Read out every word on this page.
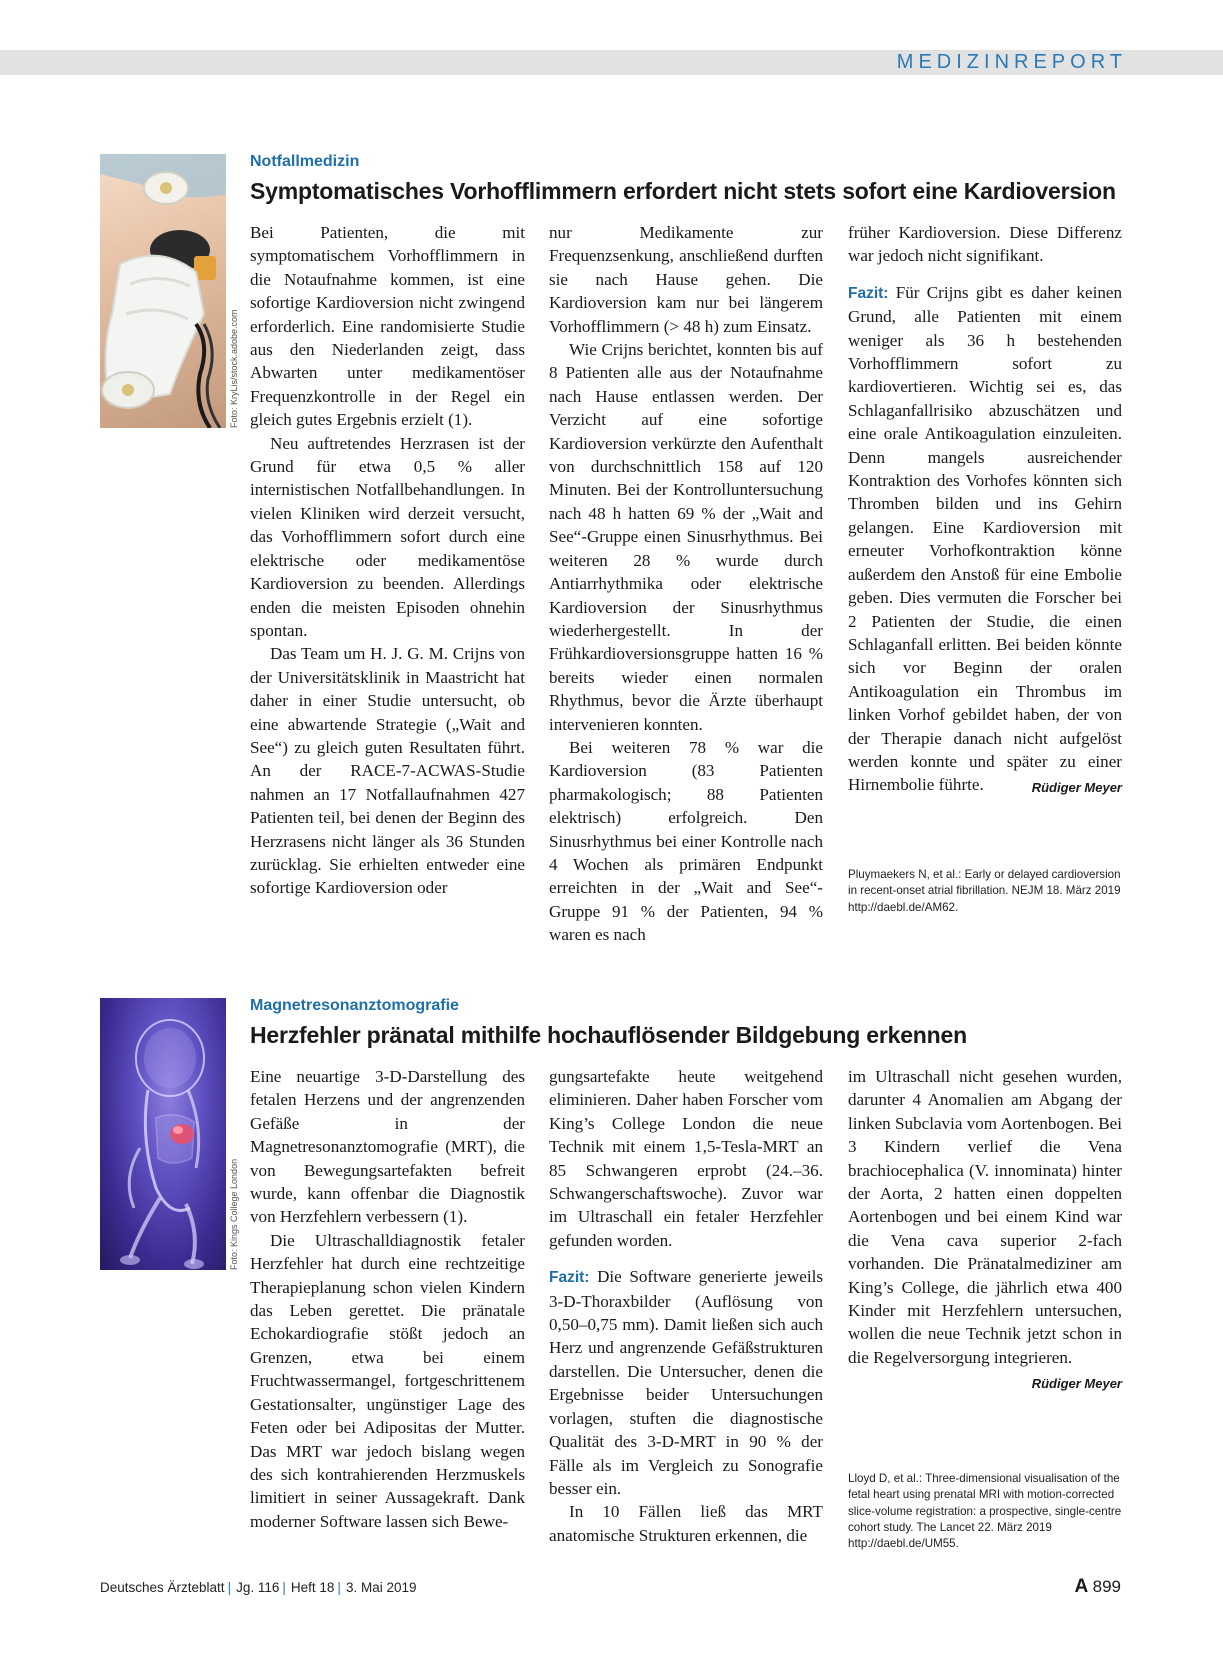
MEDIZINREPORT
Foto: KryLis/stock.adobe.com
Notfallmedizin
Symptomatisches Vorhofflimmern erfordert nicht stets sofort eine Kardioversion

Bei Patienten, die mit symptomatischem Vorhofflimmern in die Notaufnahme kommen, ist eine sofortige Kardioversion nicht zwingend erforderlich. Eine randomisierte Studie aus den Niederlanden zeigt, dass Abwarten unter medikamentöser Frequenzkontrolle in der Regel ein gleich gutes Ergebnis erzielt (1).

Neu auftretendes Herzrasen ist der Grund für etwa 0,5 % aller internistischen Notfallbehandlungen. In vielen Kliniken wird derzeit versucht, das Vorhofflimmern sofort durch eine elektrische oder medikamentöse Kardioversion zu beenden. Allerdings enden die meisten Episoden ohnehin spontan.

Das Team um H. J. G. M. Crijns von der Universitätsklinik in Maastricht hat daher in einer Studie untersucht, ob eine abwartende Strategie („Wait and See“) zu gleich guten Resultaten führt. An der RACE-7-ACWAS-Studie nahmen an 17 Notfallaufnahmen 427 Patienten teil, bei denen der Beginn des Herzrasens nicht länger als 36 Stunden zurücklag. Sie erhielten entweder eine sofortige Kardioversion oder

nur Medikamente zur Frequenzsenkung, anschließend durften sie nach Hause gehen. Die Kardioversion kam nur bei längerem Vorhofflimmern (> 48 h) zum Einsatz.

Wie Crijns berichtet, konnten bis auf 8 Patienten alle aus der Notaufnahme nach Hause entlassen werden. Der Verzicht auf eine sofortige Kardioversion verkürzte den Aufenthalt von durchschnittlich 158 auf 120 Minuten. Bei der Kontrolluntersuchung nach 48 h hatten 69 % der „Wait and See“-Gruppe einen Sinusrhythmus. Bei weiteren 28 % wurde durch Antiarrhythmika oder elektrische Kardioversion der Sinusrhythmus wiederhergestellt. In der Frühkardioversionsgruppe hatten 16 % bereits wieder einen normalen Rhythmus, bevor die Ärzte überhaupt intervenieren konnten.

Bei weiteren 78 % war die Kardioversion (83 Patienten pharmakologisch; 88 Patienten elektrisch) erfolgreich. Den Sinusrhythmus bei einer Kontrolle nach 4 Wochen als primären Endpunkt erreichten in der „Wait and See“-Gruppe 91 % der Patienten, 94 % waren es nach

früher Kardioversion. Diese Differenz war jedoch nicht signifikant.

Fazit: Für Crijns gibt es daher keinen Grund, alle Patienten mit einem weniger als 36 h bestehenden Vorhofflimmern sofort zu kardiovertieren. Wichtig sei es, das Schlaganfallrisiko abzuschätzen und eine orale Antikoagulation einzuleiten. Denn mangels ausreichender Kontraktion des Vorhofes könnten sich Thromben bilden und ins Gehirn gelangen. Eine Kardioversion mit erneuter Vorhofkontraktion könne außerdem den Anstoß für eine Embolie geben. Dies vermuten die Forscher bei 2 Patienten der Studie, die einen Schlaganfall erlitten. Bei beiden könnte sich vor Beginn der oralen Antikoagulation ein Thrombus im linken Vorhof gebildet haben, der von der Therapie danach nicht aufgelöst werden konnte und später zu einer Hirnembolie führte.	Rüdiger Meyer

Pluymaekers N, et al.: Early or delayed cardioversion in recent-onset atrial fibrillation. NEJM 18. März 2019 http://daebl.de/AM62.
Foto: Kings College London
Magnetresonanztomografie
Herzfehler pränatal mithilfe hochauflösender Bildgebung erkennen

Eine neuartige 3-D-Darstellung des fetalen Herzens und der angrenzenden Gefäße in der Magnetresonanztomografie (MRT), die von Bewegungsartefakten befreit wurde, kann offenbar die Diagnostik von Herzfehlern verbessern (1).

Die Ultraschalldiagnostik fetaler Herzfehler hat durch eine rechtzeitige Therapieplanung schon vielen Kindern das Leben gerettet. Die pränatale Echokardiografie stößt jedoch an Grenzen, etwa bei einem Fruchtwassermangel, fortgeschrittenem Gestationsalter, ungünstiger Lage des Feten oder bei Adipositas der Mutter. Das MRT war jedoch bislang wegen des sich kontrahierenden Herzmuskels limitiert in seiner Aussagekraft. Dank moderner Software lassen sich Bewe-

gungsartefakte heute weitgehend eliminieren. Daher haben Forscher vom King’s College London die neue Technik mit einem 1,5-Tesla-MRT an 85 Schwangeren erprobt (24.–36. Schwangerschaftswoche). Zuvor war im Ultraschall ein fetaler Herzfehler gefunden worden.

Fazit: Die Software generierte jeweils 3-D-Thoraxbilder (Auflösung von 0,50–0,75 mm). Damit ließen sich auch Herz und angrenzende Gefäßstrukturen darstellen. Die Untersucher, denen die Ergebnisse beider Untersuchungen vorlagen, stuften die diagnostische Qualität des 3-D-MRT in 90 % der Fälle als im Vergleich zu Sonografie besser ein.

In 10 Fällen ließ das MRT anatomische Strukturen erkennen, die

im Ultraschall nicht gesehen wurden, darunter 4 Anomalien am Abgang der linken Subclavia vom Aortenbogen. Bei 3 Kindern verlief die Vena brachiocephalica (V. innominata) hinter der Aorta, 2 hatten einen doppelten Aortenbogen und bei einem Kind war die Vena cava superior 2-fach vorhanden. Die Pränatalmediziner am King’s College, die jährlich etwa 400 Kinder mit Herzfehlern untersuchen, wollen die neue Technik jetzt schon in die Regelversorgung integrieren.
Rüdiger Meyer

Lloyd D, et al.: Three-dimensional visualisation of the fetal heart using prenatal MRI with motion-corrected slice-volume registration: a prospective, single-centre cohort study. The Lancet 22. März 2019 http://daebl.de/UM55.
Deutsches Ärzteblatt | Jg. 116 | Heft 18 | 3. Mai 2019	A 899
